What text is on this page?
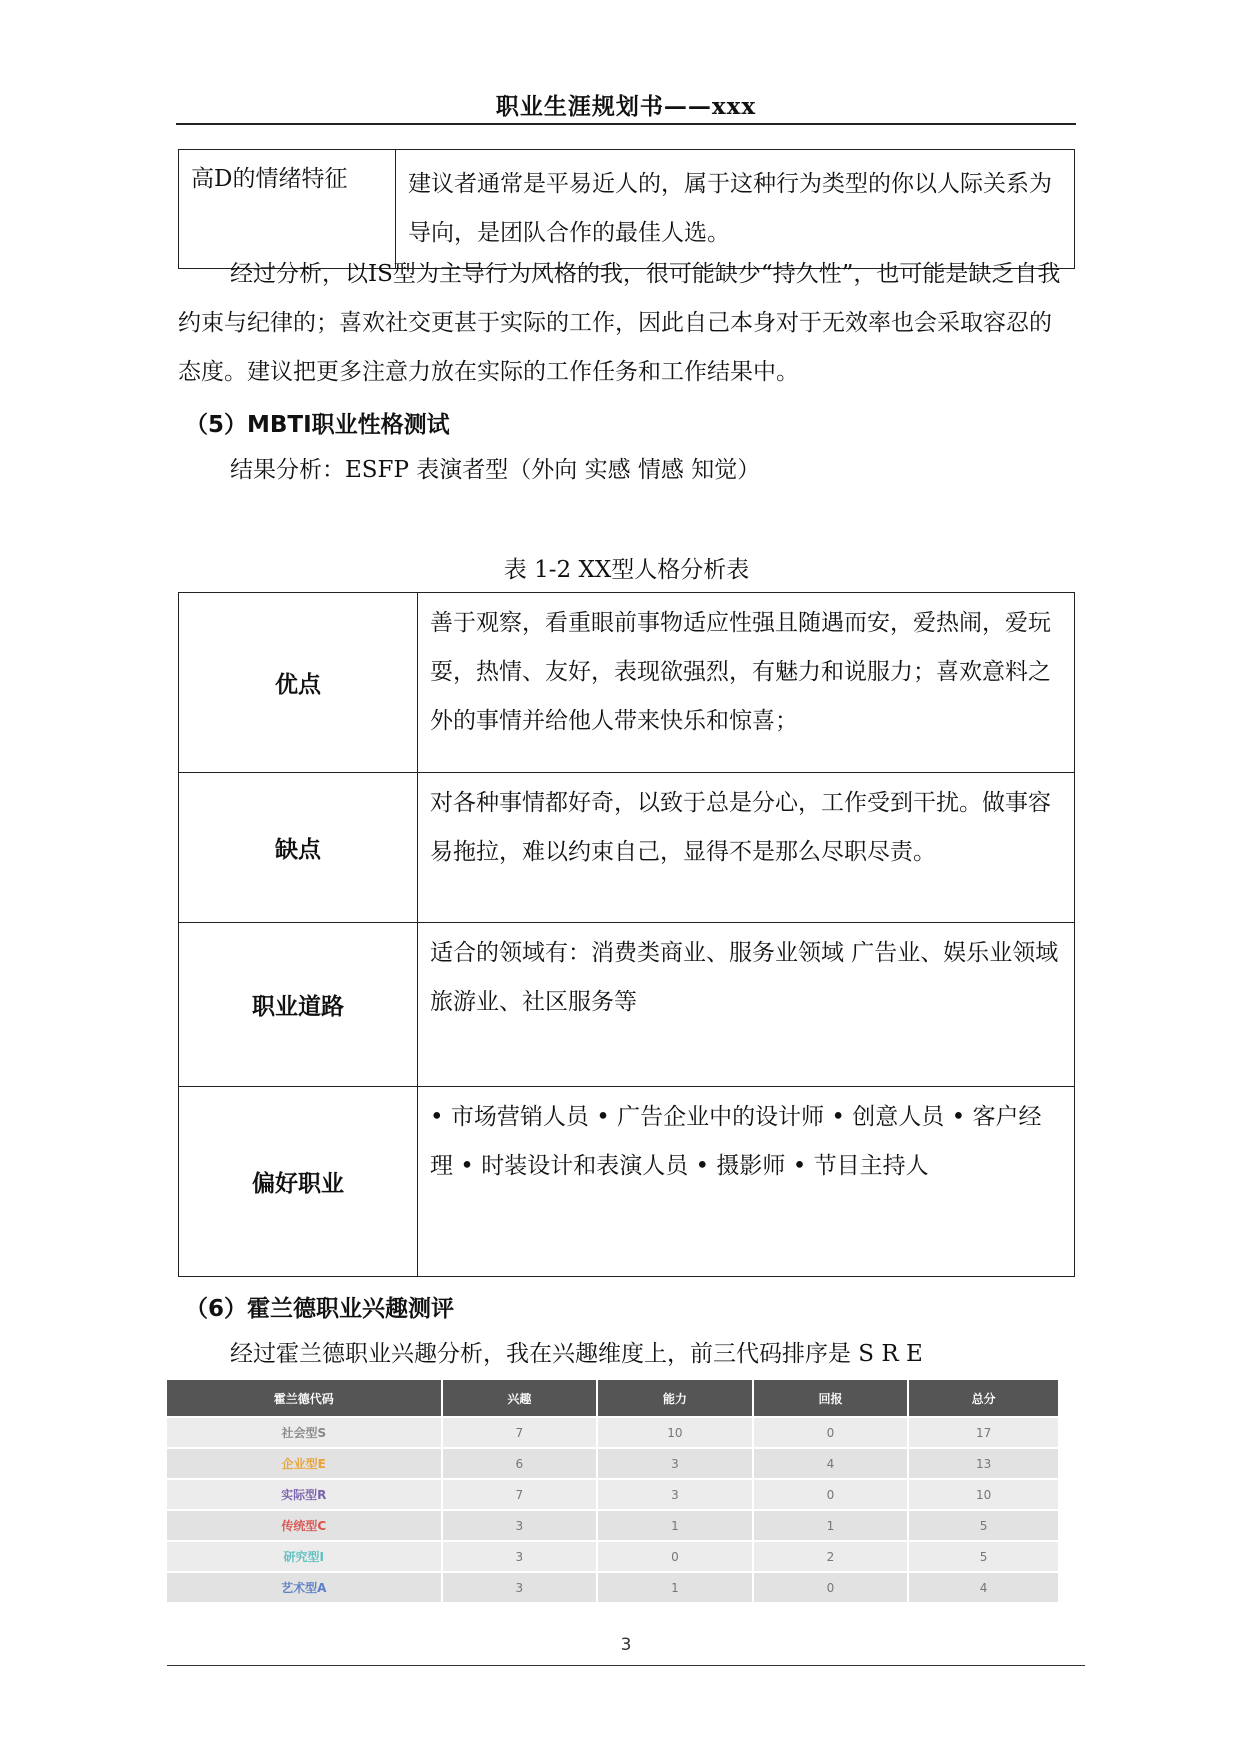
职业生涯规划书——xxx
高D的情绪特征	建议者通常是平易近人的，属于这种行为类型的你以人际关系为导向，是团队合作的最佳人选。
经过分析，以IS型为主导行为风格的我，很可能缺少“持久性”，也可能是缺乏自我约束与纪律的；喜欢社交更甚于实际的工作，因此自己本身对于无效率也会采取容忍的态度。建议把更多注意力放在实际的工作任务和工作结果中。
（5）MBTI职业性格测试
结果分析：ESFP 表演者型（外向 实感 情感 知觉）
表 1-2 XX型人格分析表
优点	善于观察，看重眼前事物适应性强且随遇而安，爱热闹，爱玩耍，热情、友好，表现欲强烈，有魅力和说服力；喜欢意料之外的事情并给他人带来快乐和惊喜；
缺点	对各种事情都好奇，以致于总是分心，工作受到干扰。做事容易拖拉，难以约束自己，显得不是那么尽职尽责。
职业道路	适合的领域有：消费类商业、服务业领域 广告业、娱乐业领域 旅游业、社区服务等
偏好职业	• 市场营销人员 • 广告企业中的设计师 • 创意人员 • 客户经理 • 时装设计和表演人员 • 摄影师 • 节目主持人
（6）霍兰德职业兴趣测评
经过霍兰德职业兴趣分析，我在兴趣维度上，前三代码排序是 S R E
霍兰德代码	兴趣	能力	回报	总分
社会型S	7	10	0	17
企业型E	6	3	4	13
实际型R	7	3	0	10
传统型C	3	1	1	5
研究型I	3	0	2	5
艺术型A	3	1	0	4
3
